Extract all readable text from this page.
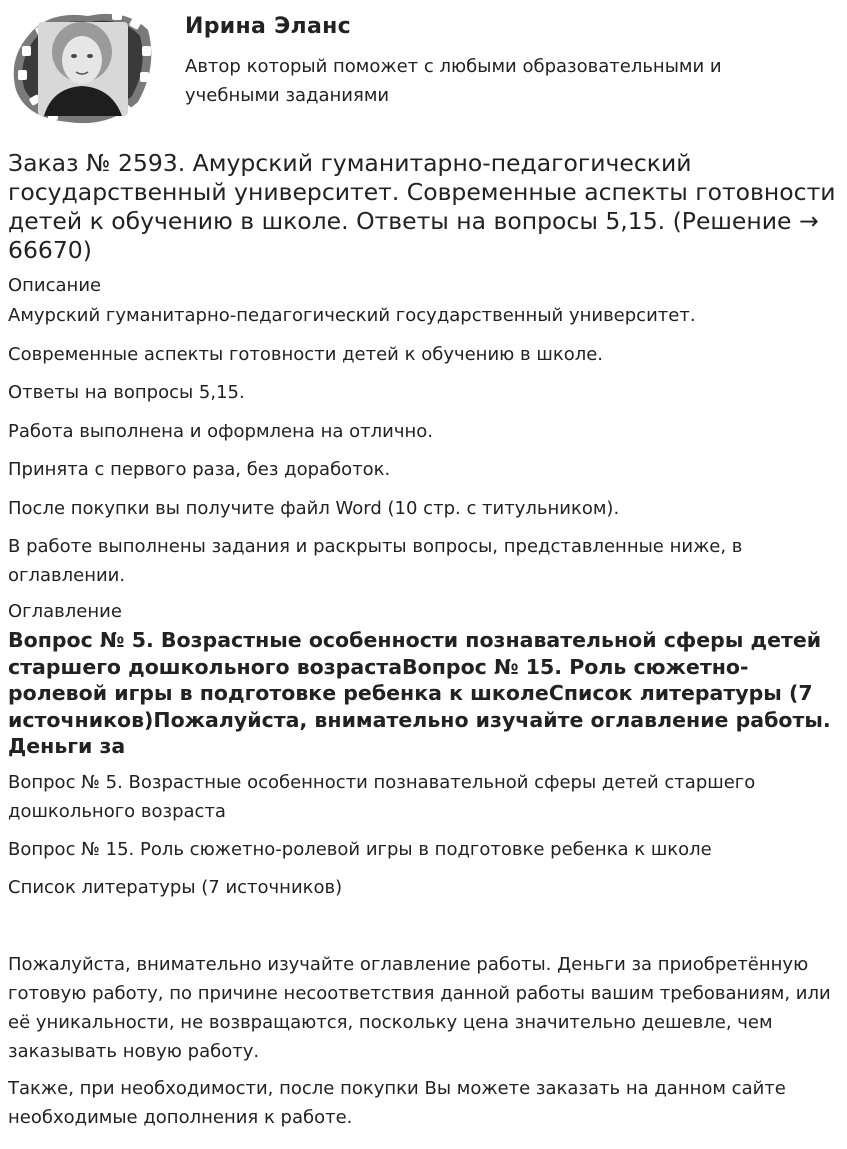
Ирина Эланс
Автор который поможет с любыми образовательными и учебными заданиями
Заказ № 2593. Амурский гуманитарно-педагогический государственный университет. Современные аспекты готовности детей к обучению в школе. Ответы на вопросы 5,15. (Решение → 66670)
Описание
Амурский гуманитарно-педагогический государственный университет.
Современные аспекты готовности детей к обучению в школе.
Ответы на вопросы 5,15.
Работа выполнена и оформлена на отлично.
Принята с первого раза, без доработок.
После покупки вы получите файл Word (10 стр. с титульником).
В работе выполнены задания и раскрыты вопросы, представленные ниже, в оглавлении.
Оглавление
Вопрос № 5. Возрастные особенности познавательной сферы детей старшего дошкольного возрастаВопрос № 15. Роль сюжетно-ролевой игры в подготовке ребенка к школеСписок литературы (7 источников)Пожалуйста, внимательно изучайте оглавление работы. Деньги за
Вопрос № 5. Возрастные особенности познавательной сферы детей старшего дошкольного возраста
Вопрос № 15. Роль сюжетно-ролевой игры в подготовке ребенка к школе
Список литературы (7 источников)
Пожалуйста, внимательно изучайте оглавление работы. Деньги за приобретённую готовую работу, по причине несоответствия данной работы вашим требованиям, или её уникальности, не возвращаются, поскольку цена значительно дешевле, чем заказывать новую работу.
Также, при необходимости, после покупки Вы можете заказать на данном сайте необходимые дополнения к работе.
